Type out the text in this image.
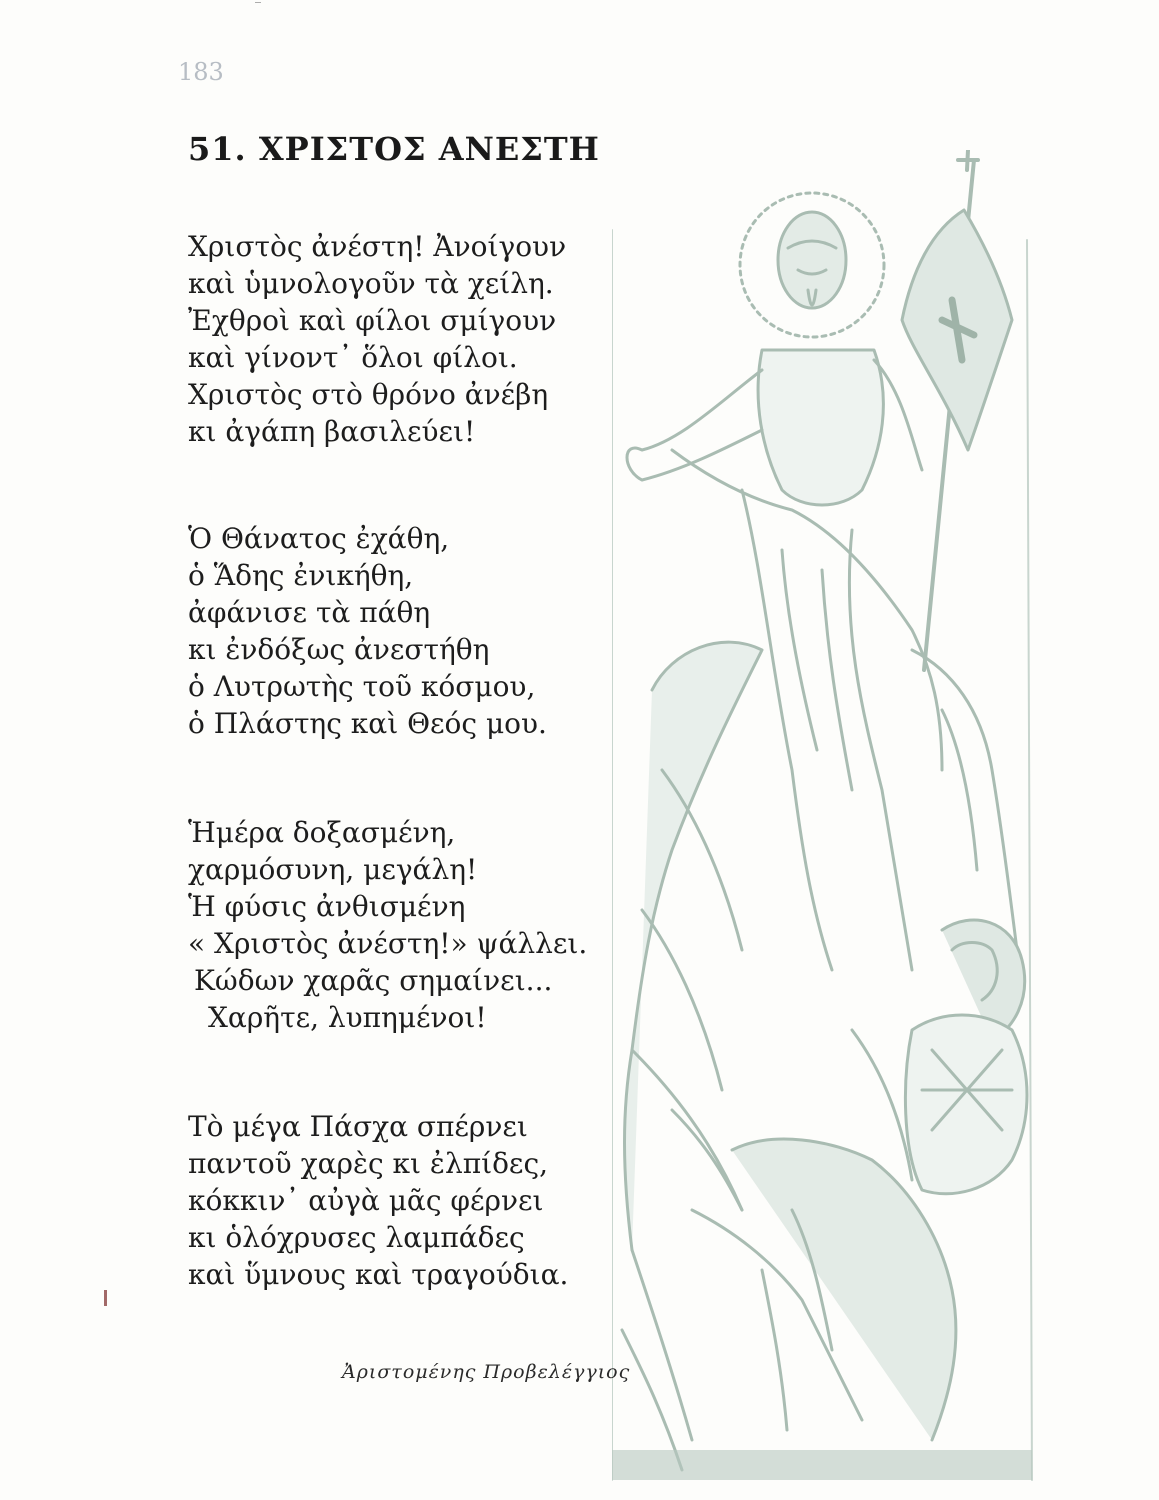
‾
183
51. ΧΡΙΣΤΟΣ ΑΝΕΣΤΗ
Χριστὸς ἀνέστη! Ἀνοίγουν
καὶ ὑμνολογοῦν τὰ χείλη.
Ἐχθροὶ καὶ φίλοι σμίγουν
καὶ γίνοντ᾽ ὅλοι φίλοι.
Χριστὸς στὸ θρόνο ἀνέβη
κι ἀγάπη βασιλεύει!
Ὁ Θάνατος ἐχάθη,
ὁ Ἅδης ἐνικήθη,
ἀφάνισε τὰ πάθη
κι ἐνδόξως ἀνεστήθη
ὁ Λυτρωτὴς τοῦ κόσμου,
ὁ Πλάστης καὶ Θεός μου.
Ἡμέρα δοξασμένη,
χαρμόσυνη, μεγάλη!
Ἡ φύσις ἀνθισμένη
« Χριστὸς ἀνέστη!» ψάλλει.
Κώδων χαρᾶς σημαίνει...
Χαρῆτε, λυπημένοι!
Τὸ μέγα Πάσχα σπέρνει
παντοῦ χαρὲς κι ἐλπίδες,
κόκκιν᾽ αὐγὰ μᾶς φέρνει
κι ὁλόχρυσες λαμπάδες
καὶ ὕμνους καὶ τραγούδια.
Ἀριστομένης Προβελέγγιος
